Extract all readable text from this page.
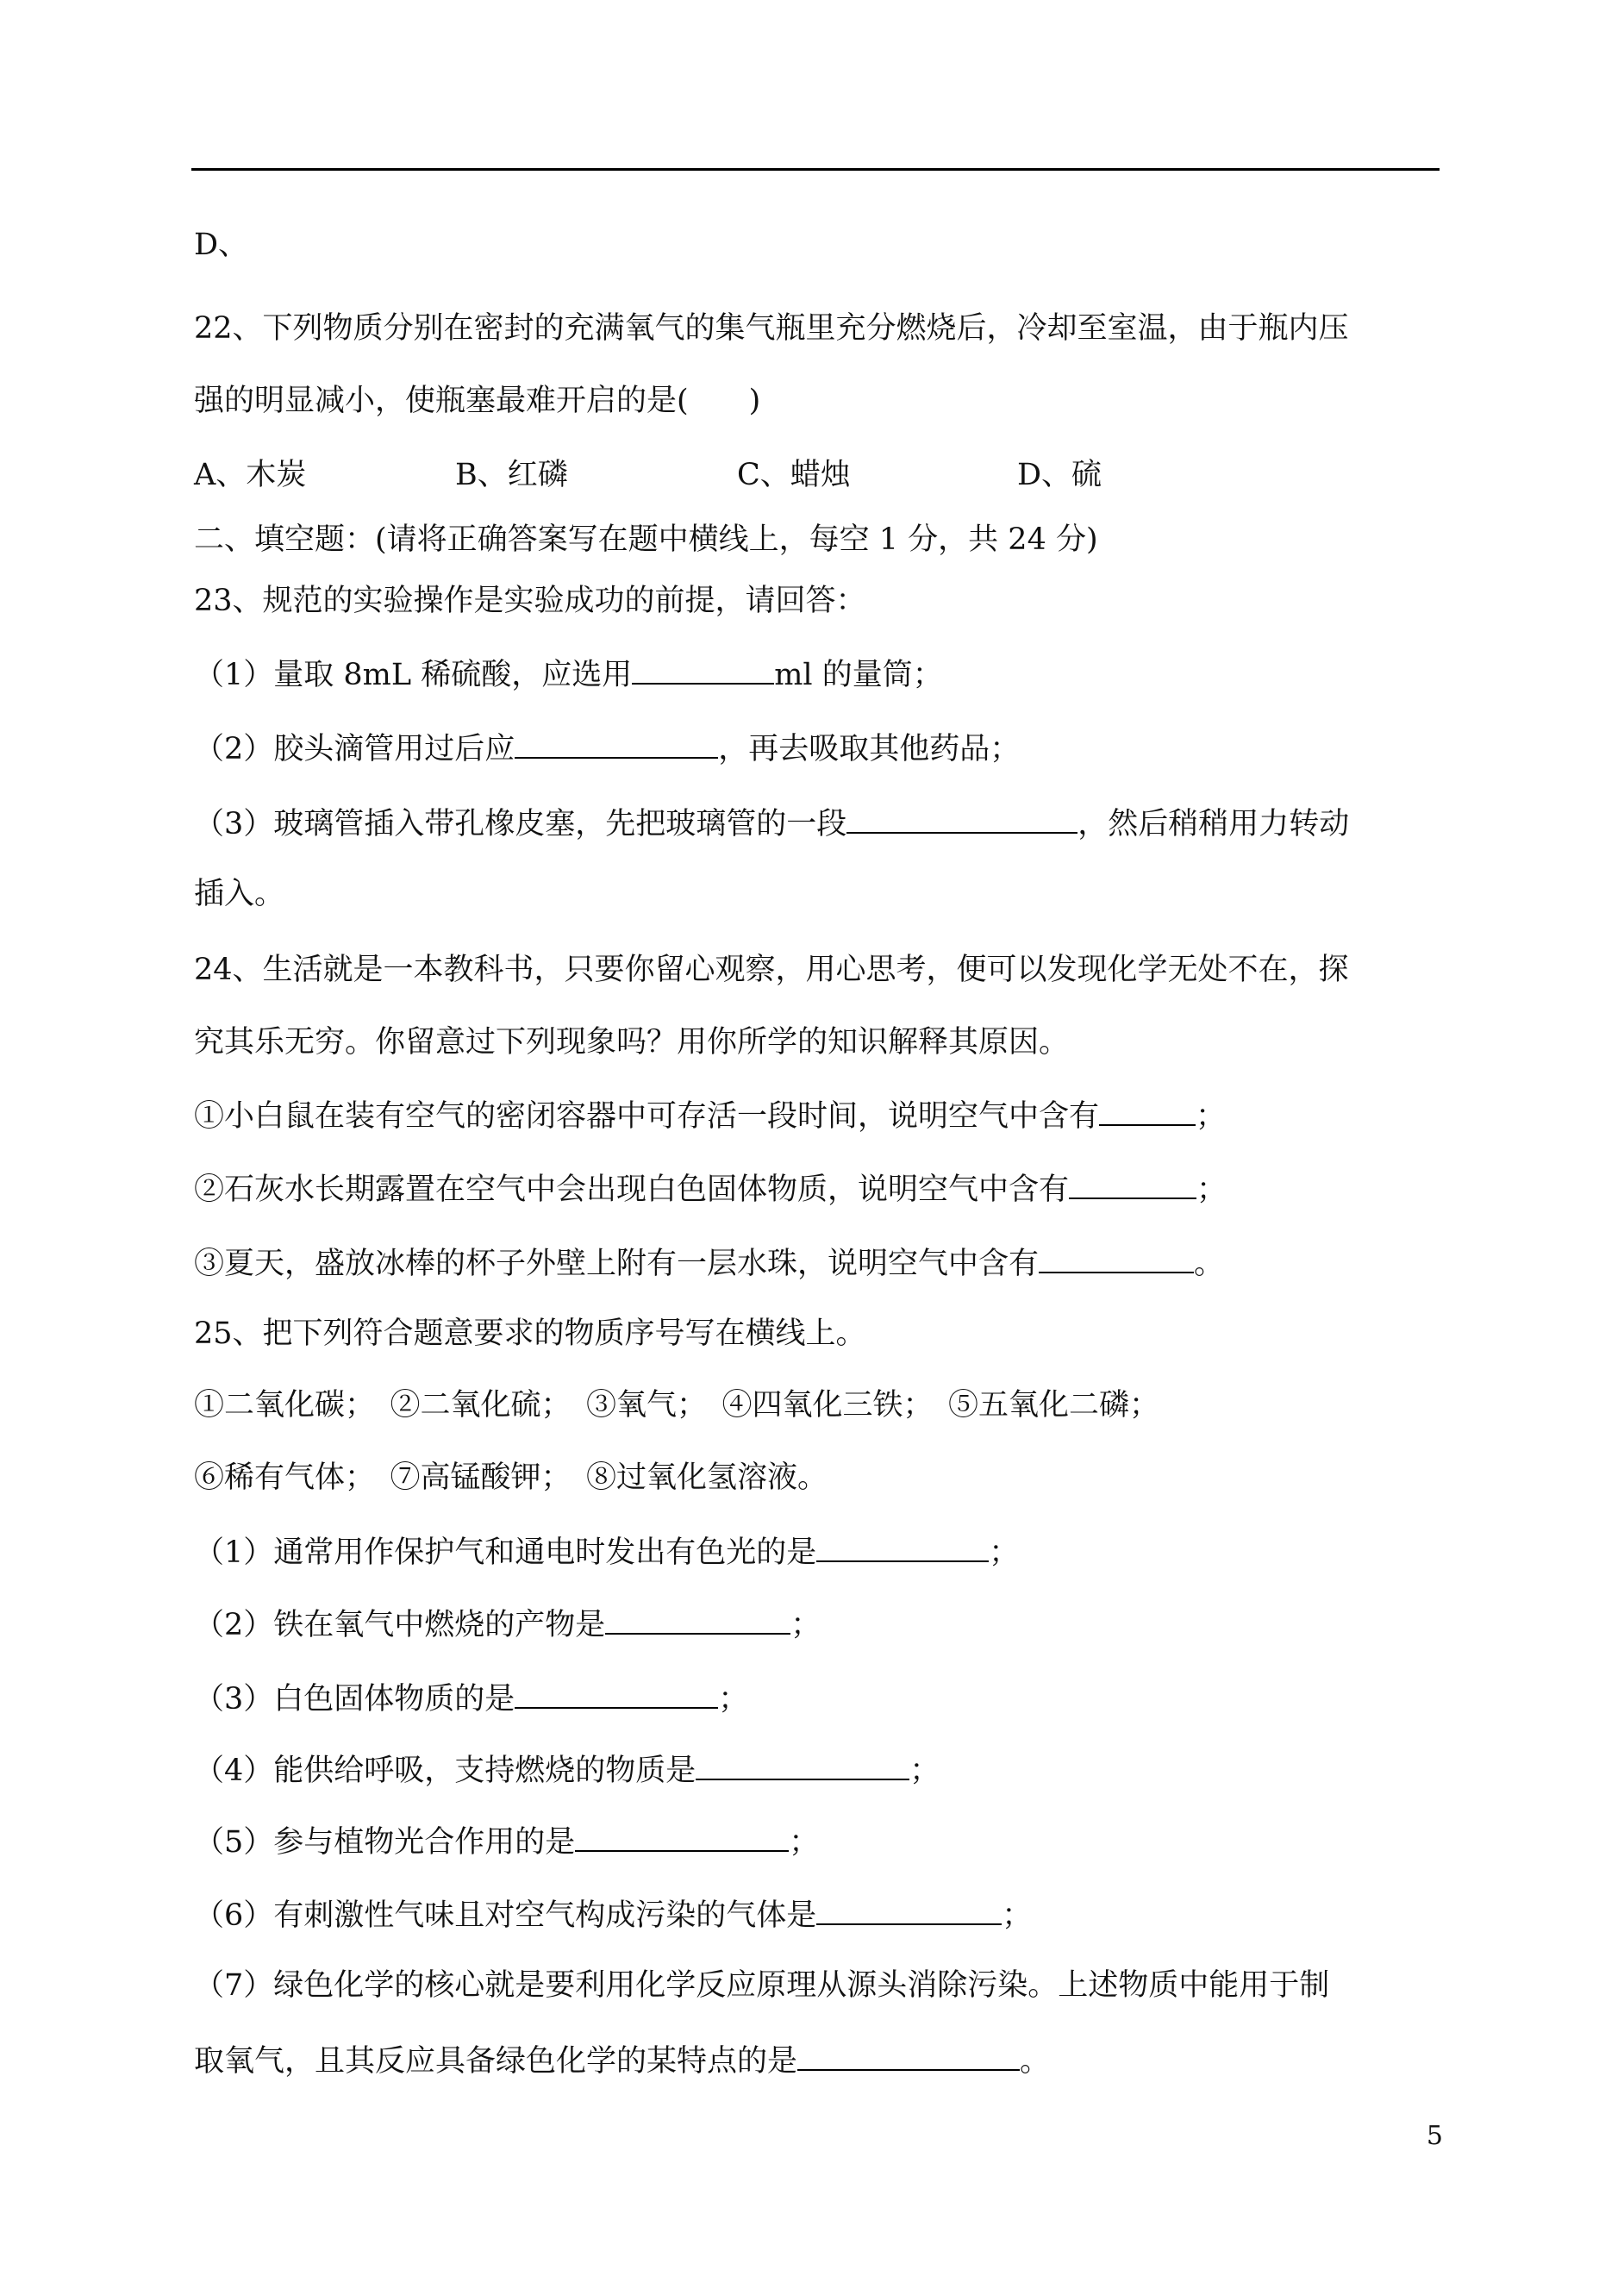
D、
22、下列物质分别在密封的充满氧气的集气瓶里充分燃烧后，冷却至室温，由于瓶内压
强的明显减小，使瓶塞最难开启的是(　　)
A、木炭	B、红磷	C、蜡烛	D、硫
二、填空题：(请将正确答案写在题中横线上，每空 1 分，共 24 分)
23、规范的实验操作是实验成功的前提，请回答：
（1）量取 8mL 稀硫酸，应选用	ml 的量筒；
（2）胶头滴管用过后应	，再去吸取其他药品；
（3）玻璃管插入带孔橡皮塞，先把玻璃管的一段	，然后稍稍用力转动
插入。
24、生活就是一本教科书，只要你留心观察，用心思考，便可以发现化学无处不在，探
究其乐无穷。你留意过下列现象吗？用你所学的知识解释其原因。
①小白鼠在装有空气的密闭容器中可存活一段时间，说明空气中含有	；
②石灰水长期露置在空气中会出现白色固体物质，说明空气中含有	；
③夏天，盛放冰棒的杯子外壁上附有一层水珠，说明空气中含有	。
25、把下列符合题意要求的物质序号写在横线上。
①二氧化碳；　②二氧化硫；　③氧气；　④四氧化三铁；　⑤五氧化二磷；
⑥稀有气体；　⑦高锰酸钾；　⑧过氧化氢溶液。
（1）通常用作保护气和通电时发出有色光的是	；
（2）铁在氧气中燃烧的产物是	；
（3）白色固体物质的是	；
（4）能供给呼吸，支持燃烧的物质是	；
（5）参与植物光合作用的是	；
（6）有刺激性气味且对空气构成污染的气体是	；
（7）绿色化学的核心就是要利用化学反应原理从源头消除污染。上述物质中能用于制
取氧气，且其反应具备绿色化学的某特点的是	。
5
